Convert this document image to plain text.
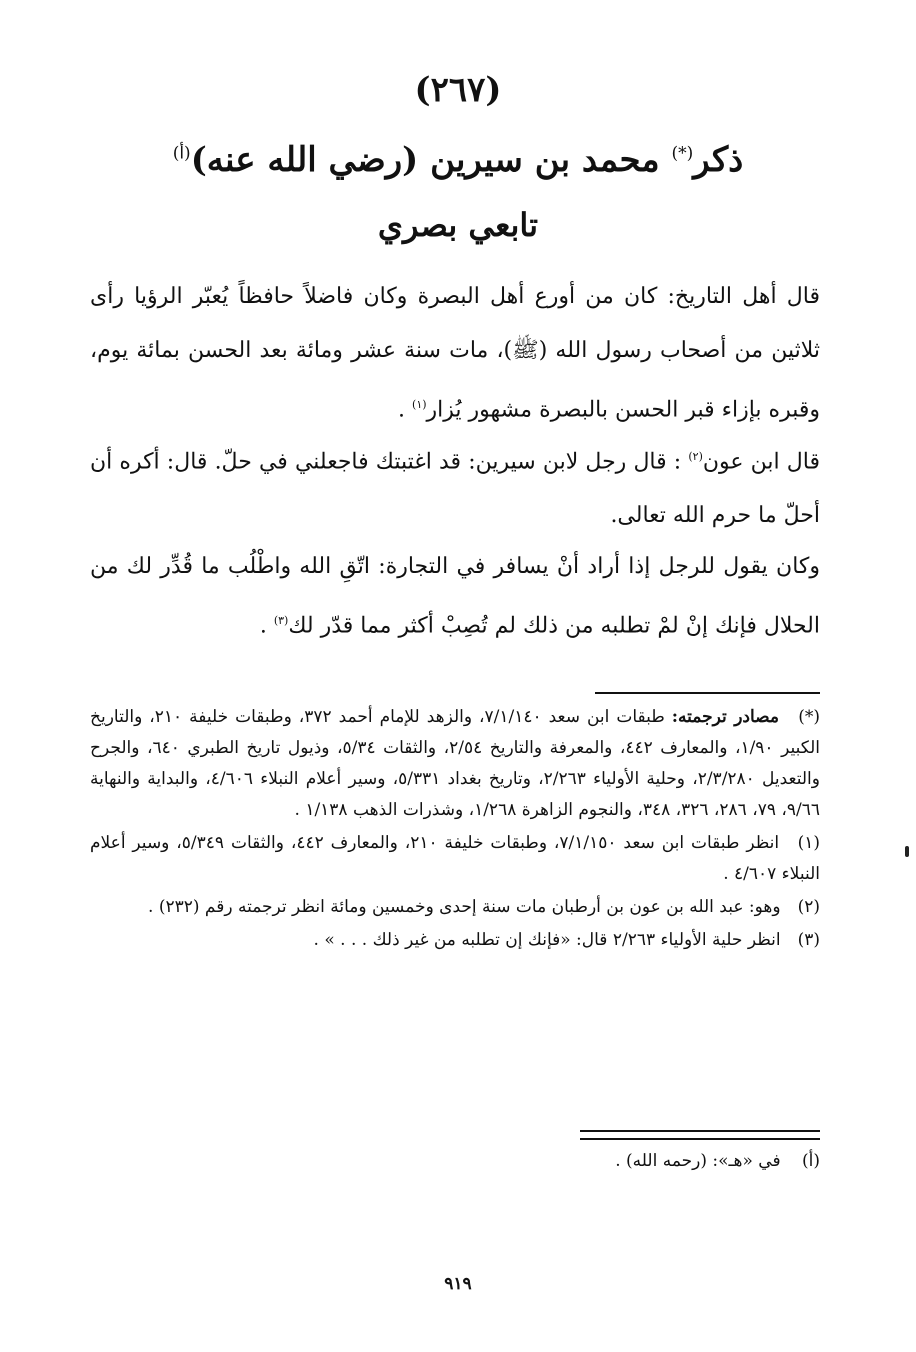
(٢٦٧)
ذكر(*) محمد بن سيرين (رضي الله عنه)$^{(أ)}$
تابعي بصري
قال أهل التاريخ: كان من أورع أهل البصرة وكان فاضلاً حافظاً يُعبّر الرؤيا رأى ثلاثين من أصحاب رسول الله (ﷺ)، مات سنة عشر ومائة بعد الحسن بمائة يوم، وقبره بإزاء قبر الحسن بالبصرة مشهور يُزار$^{(١)}$ .
قال ابن عون$^{(٢)}$ : قال رجل لابن سيرين: قد اغتبتك فاجعلني في حلّ. قال: أكره أن أحلّ ما حرم الله تعالى.
وكان يقول للرجل إذا أراد أنْ يسافر في التجارة: اتّقِ الله واطْلُب ما قُدِّر لك من الحلال فإنك إنْ لمْ تطلبه من ذلك لم تُصِبْ أكثر مما قدّر لك$^{(٣)}$ .

(*) مصادر ترجمته: طبقات ابن سعد ٧/١/١٤٠، والزهد للإمام أحمد ٣٧٢، وطبقات خليفة ٢١٠، والتاريخ الكبير ١/٩٠، والمعارف ٤٤٢، والمعرفة والتاريخ ٢/٥٤، والثقات ٥/٣٤، وذيول تاريخ الطبري ٦٤٠، والجرح والتعديل ٢/٣/٢٨٠، وحلية الأولياء ٢/٢٦٣، وتاريخ بغداد ٥/٣٣١، وسير أعلام النبلاء ٤/٦٠٦، والبداية والنهاية ٩/٦٦، ٧٩، ٢٨٦، ٣٢٦، ٣٤٨، والنجوم الزاهرة ١/٢٦٨، وشذرات الذهب ١/١٣٨ .

(١) انظر طبقات ابن سعد ٧/١/١٥٠، وطبقات خليفة ٢١٠، والمعارف ٤٤٢، والثقات ٥/٣٤٩، وسير أعلام النبلاء ٤/٦٠٧ .

(٢) وهو: عبد الله بن عون بن أرطبان مات سنة إحدى وخمسين ومائة انظر ترجمته رقم (٢٣٢) .

(٣) انظر حلية الأولياء ٢/٢٦٣ قال: «فإنك إن تطلبه من غير ذلك . . . » .

(أ) في «هـ»: (رحمه الله) .
٩١٩
